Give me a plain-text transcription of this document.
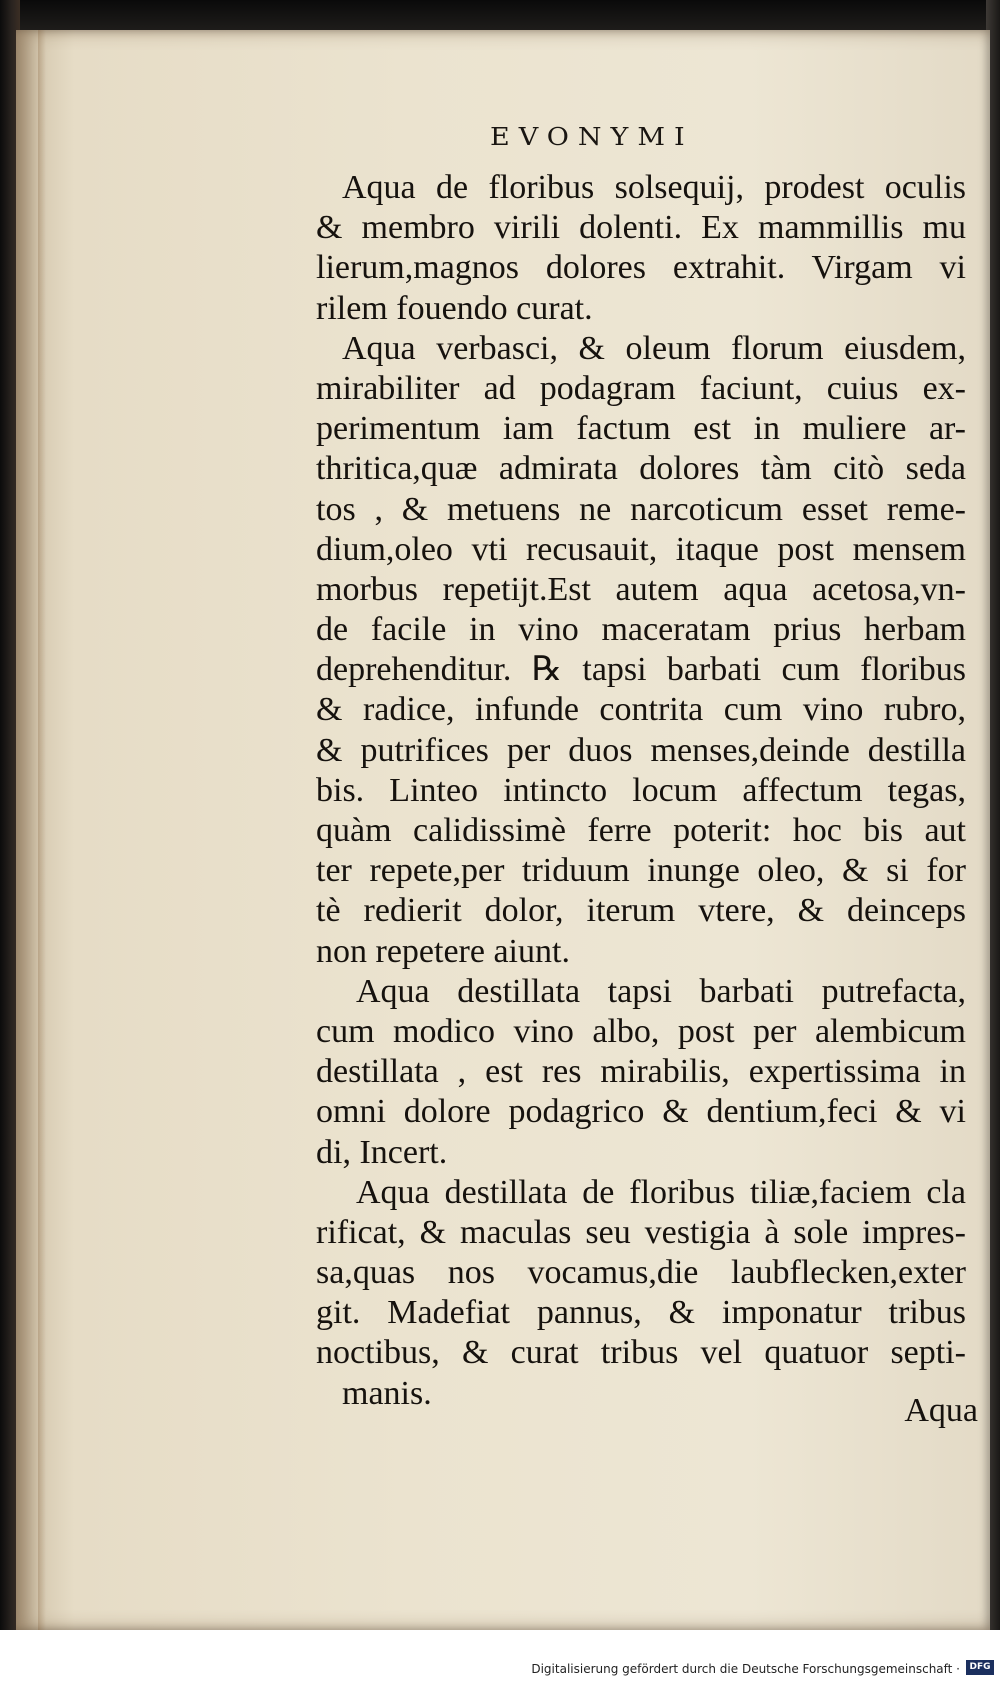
EVONYMI
Aqua de floribus solsequij, prodest oculis
& membro virili dolenti. Ex mammillis mu
lierum,magnos dolores extrahit. Virgam vi
rilem fouendo curat.
Aqua verbasci, & oleum florum eiusdem,
mirabiliter ad podagram faciunt, cuius ex-
perimentum iam factum est in muliere ar-
thritica,quæ admirata dolores tàm citò seda
tos , & metuens ne narcoticum esset reme-
dium,oleo vti recusauit, itaque post mensem
morbus repetijt.Est autem aqua acetosa,vn-
de facile in vino maceratam prius herbam
deprehenditur. ℞ tapsi barbati cum floribus
& radice, infunde contrita cum vino rubro,
& putrifices per duos menses,deinde destilla
bis. Linteo intincto locum affectum tegas,
quàm calidissimè ferre poterit: hoc bis aut
ter repete,per triduum inunge oleo, & si for
tè redierit dolor, iterum vtere, & deinceps
non repetere aiunt.
Aqua destillata tapsi barbati putrefacta,
cum modico vino albo, post per alembicum
destillata , est res mirabilis, expertissima in
omni dolore podagrico & dentium,feci & vi
di, Incert.
Aqua destillata de floribus tiliæ,faciem cla
rificat, & maculas seu vestigia à sole impres-
sa,quas nos vocamus,die laubflecken,exter
git. Madefiat pannus, & imponatur tribus
noctibus, & curat tribus vel quatuor septi-
manis.	Aqua
Digitalisierung gefördert durch die Deutsche Forschungsgemeinschaft ·	DFG
